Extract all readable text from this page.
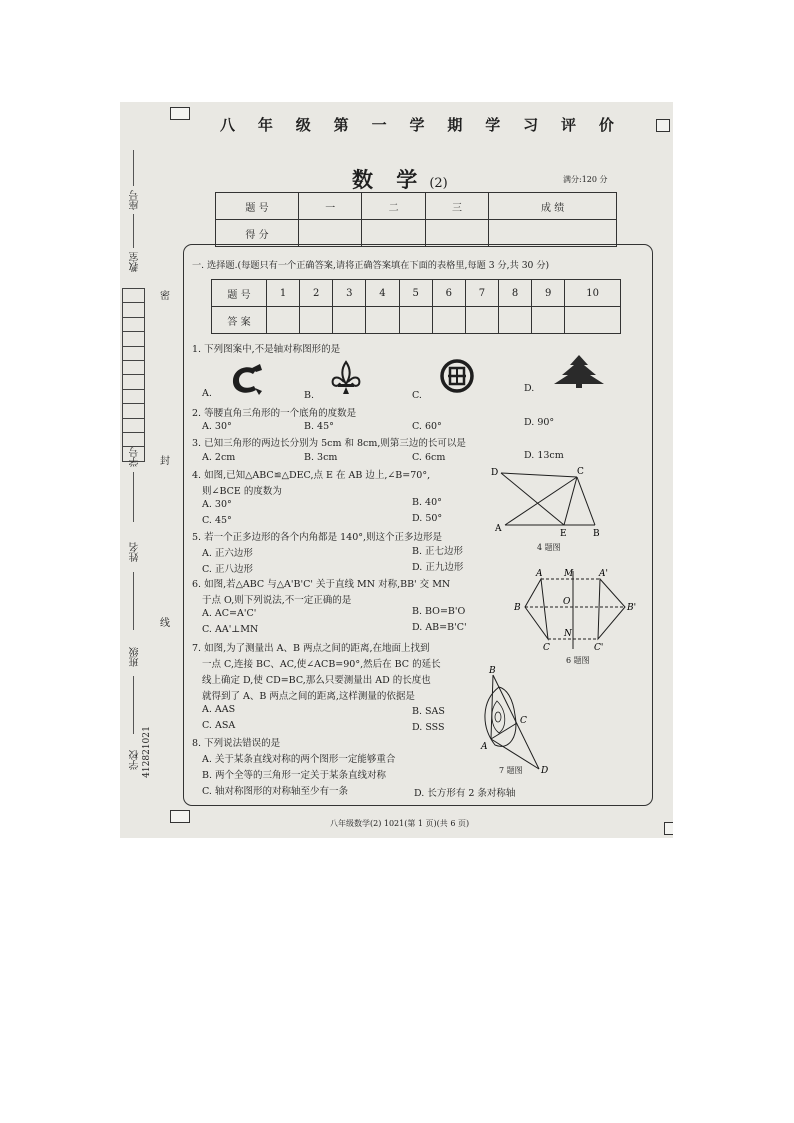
座号
教室
学号
姓名
班级
学校 41282102
1
密
封
线
八 年 级 第 一 学 期 学 习 评 价
数 学 (2)	满分:120 分
题 号	一	二	三	成 绩
得 分				
一. 选择题.(每题只有一个正确答案,请将正确答案填在下面的表格里,每题 3 分,共 30 分)
题 号	1	2	3	4	5	6	7	8	9	10
答 案										
1. 下列图案中,不是轴对称图形的是
A.	B.	C.
D.
2. 等腰直角三角形的一个底角的度数是
A. 30°	B. 45°	C. 60°	D. 90°
3. 已知三角形的两边长分别为 5cm 和 8cm,则第三边的长可以是
A. 2cm	B. 3cm	C. 6cm	D. 13cm
4. 如图,已知△ABC≌△DEC,点 E 在 AB 边上,∠B=70°,
则∠BCE 的度数为
A. 30°	B. 40°
C. 45°	D. 50°
D	C
A	E	B
4 题图
5. 若一个正多边形的各个内角都是 140°,则这个正多边形是
A. 正六边形	B. 正七边形
C. 正八边形	D. 正九边形
6. 如图,若△ABC 与△A'B'C' 关于直线 MN 对称,BB' 交 MN
于点 O,则下列说法,不一定正确的是
A. AC=A'C'	B. BO=B'O
C. AA'⊥MN	D. AB=B'C'
A M	A'
B
O
B'
C
N
C'
6 题图
7. 如图,为了测量出 A、B 两点之间的距离,在地面上找到
一点 C,连接 BC、AC,使∠ACB=90°,然后在 BC 的延长
线上确定 D,使 CD=BC,那么只要测量出 AD 的长度也
就得到了 A、B 两点之间的距离,这样测量的依据是
A. AAS	B. SAS
C. ASA	D. SSS
B
C
A
D
7 题图
8. 下列说法错误的是
A. 关于某条直线对称的两个图形一定能够重合
B. 两个全等的三角形一定关于某条直线对称
C. 轴对称图形的对称轴至少有一条	D. 长方形有 2 条对称轴
八年级数学(2) 1021(第 1 页)(共 6 页)
